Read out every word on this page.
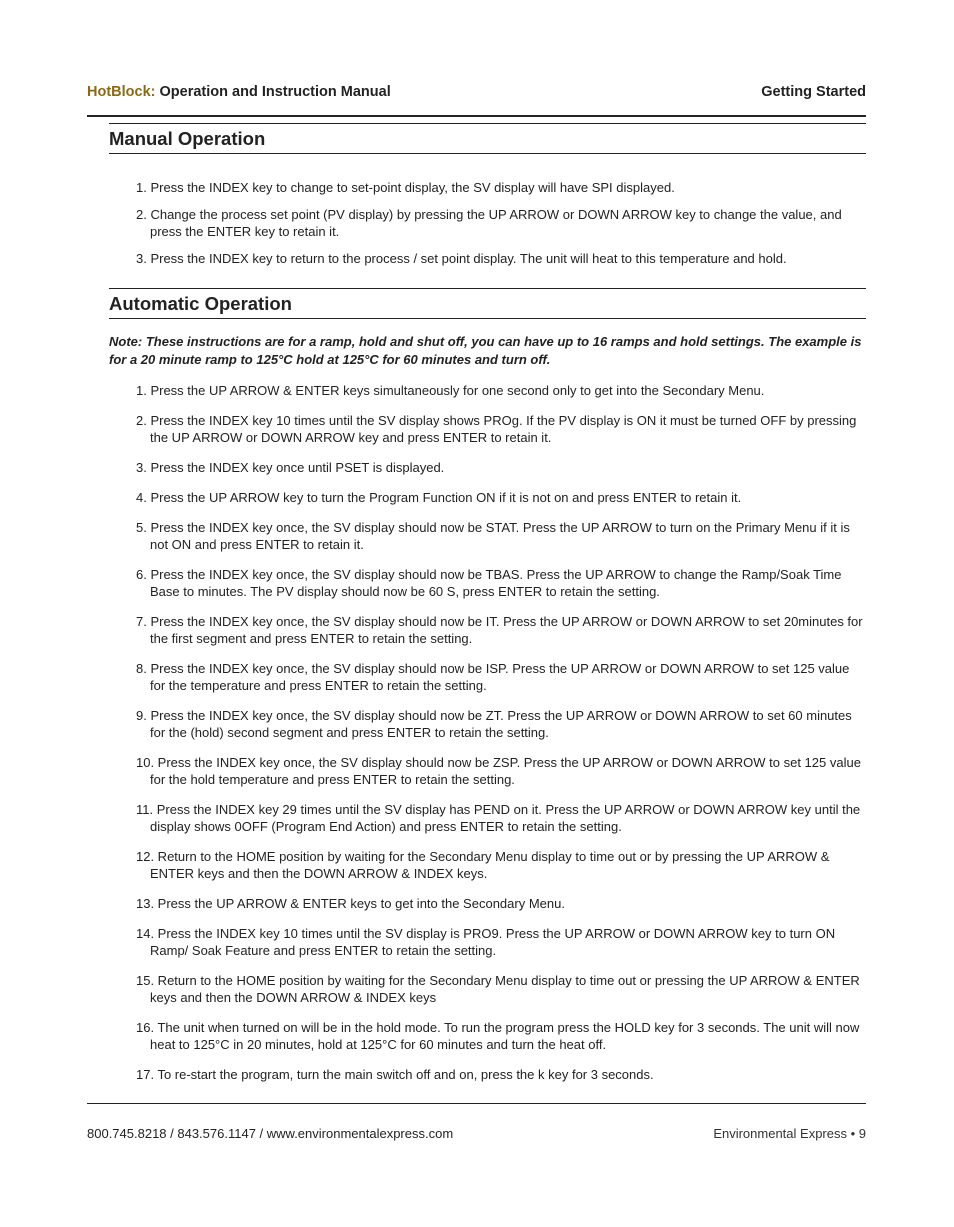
HotBlock: Operation and Instruction Manual	Getting Started
Manual Operation
1. Press the INDEX key to change to set-point display, the SV display will have SPI displayed.
2. Change the process set point (PV display) by pressing the UP ARROW or DOWN ARROW key to change the value, and press the ENTER key to retain it.
3. Press the INDEX key to return to the process / set point display. The unit will heat to this temperature and hold.
Automatic Operation
Note: These instructions are for a ramp, hold and shut off, you can have up to 16 ramps and hold settings. The example is for a 20 minute ramp to 125°C hold at 125°C for 60 minutes and turn off.
1. Press the UP ARROW & ENTER keys simultaneously for one second only to get into the Secondary Menu.
2. Press the INDEX key 10 times until the SV display shows PROg. If the PV display is ON it must be turned OFF by pressing the UP ARROW or DOWN ARROW key and press ENTER to retain it.
3. Press the INDEX key once until PSET is displayed.
4. Press the UP ARROW key to turn the Program Function ON if it is not on and press ENTER to retain it.
5. Press the INDEX key once, the SV display should now be STAT. Press the UP ARROW to turn on the Primary Menu if it is not ON and press ENTER to retain it.
6. Press the INDEX key once, the SV display should now be TBAS. Press the UP ARROW to change the Ramp/Soak Time Base to minutes. The PV display should now be 60 S, press ENTER to retain the setting.
7. Press the INDEX key once, the SV display should now be IT. Press the UP ARROW or DOWN ARROW to set 20minutes for the first segment and press ENTER to retain the setting.
8. Press the INDEX key once, the SV display should now be ISP. Press the UP ARROW or DOWN ARROW to set 125 value for the temperature and press ENTER to retain the setting.
9. Press the INDEX key once, the SV display should now be ZT. Press the UP ARROW or DOWN ARROW to set 60 minutes for the (hold) second segment and press ENTER to retain the setting.
10. Press the INDEX key once, the SV display should now be ZSP. Press the UP ARROW or DOWN ARROW to set 125 value for the hold temperature and press ENTER to retain the setting.
11. Press the INDEX key 29 times until the SV display has PEND on it. Press the UP ARROW or DOWN ARROW key until the display shows 0OFF (Program End Action) and press ENTER to retain the setting.
12. Return to the HOME position by waiting for the Secondary Menu display to time out or by pressing the UP ARROW & ENTER keys and then the DOWN ARROW & INDEX keys.
13. Press the UP ARROW & ENTER keys to get into the Secondary Menu.
14. Press the INDEX key 10 times until the SV display is PRO9. Press the UP ARROW or DOWN ARROW key to turn ON Ramp/ Soak Feature and press ENTER to retain the setting.
15. Return to the HOME position by waiting for the Secondary Menu display to time out or pressing the UP ARROW & ENTER keys and then the DOWN ARROW & INDEX keys
16. The unit when turned on will be in the hold mode. To run the program press the HOLD key for 3 seconds. The unit will now heat to 125°C in 20 minutes, hold at 125°C for 60 minutes and turn the heat off.
17. To re-start the program, turn the main switch off and on, press the k key for 3 seconds.
800.745.8218 / 843.576.1147 / www.environmentalexpress.com	Environmental Express • 9
